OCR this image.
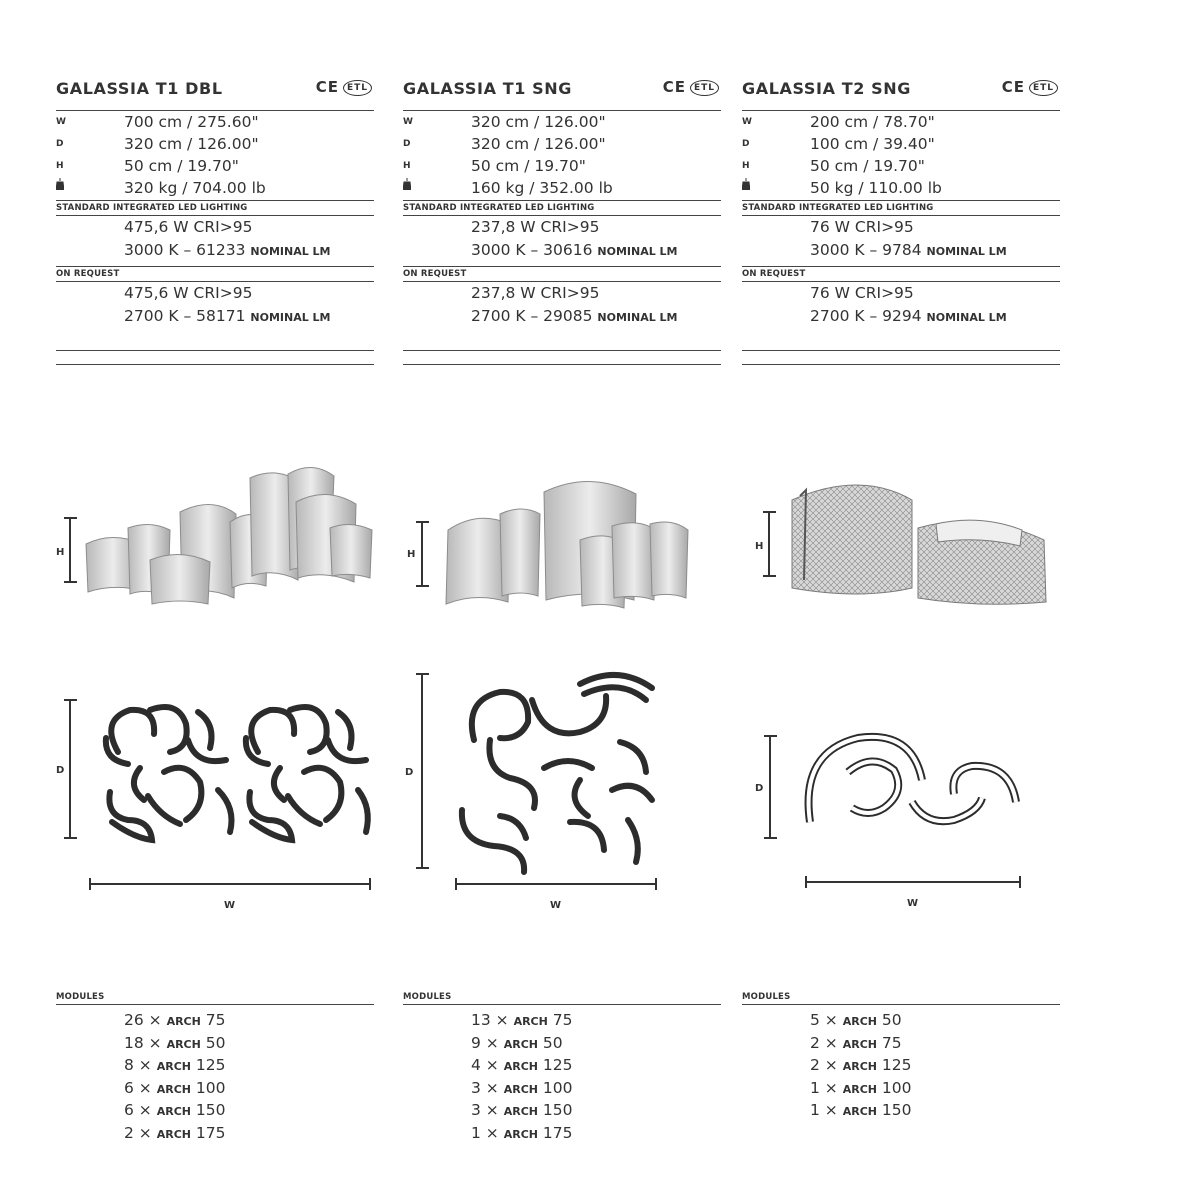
GALASSIA T1 DBL	CE ETL
W	700 cm / 275.60"
D	320 cm / 126.00"
H	50 cm / 19.70"
320 kg / 704.00 lb
STANDARD INTEGRATED LED LIGHTING
475,6 W CRI>95
3000 K – 61233 NOMINAL LM
ON REQUEST
475,6 W CRI>95
2700 K – 58171 NOMINAL LM
GALASSIA T1 SNG	CE ETL
W	320 cm / 126.00"
D	320 cm / 126.00"
H	50 cm / 19.70"
160 kg / 352.00 lb
STANDARD INTEGRATED LED LIGHTING
237,8 W CRI>95
3000 K – 30616 NOMINAL LM
ON REQUEST
237,8 W CRI>95
2700 K – 29085 NOMINAL LM
GALASSIA T2 SNG	CE ETL
W	200 cm / 78.70"
D	100 cm / 39.40"
H	50 cm / 19.70"
50 kg / 110.00 lb
STANDARD INTEGRATED LED LIGHTING
76 W CRI>95
3000 K – 9784 NOMINAL LM
ON REQUEST
76 W CRI>95
2700 K – 9294 NOMINAL LM
H	H
H
D
W
D
W
D
W
MODULES
26 × ARCH 75
18 × ARCH 50
8 × ARCH 125
6 × ARCH 100
6 × ARCH 150
2 × ARCH 175
MODULES
13 × ARCH 75
9 × ARCH 50
4 × ARCH 125
3 × ARCH 100
3 × ARCH 150
1 × ARCH 175
MODULES
5 × ARCH 50
2 × ARCH 75
2 × ARCH 125
1 × ARCH 100
1 × ARCH 150
